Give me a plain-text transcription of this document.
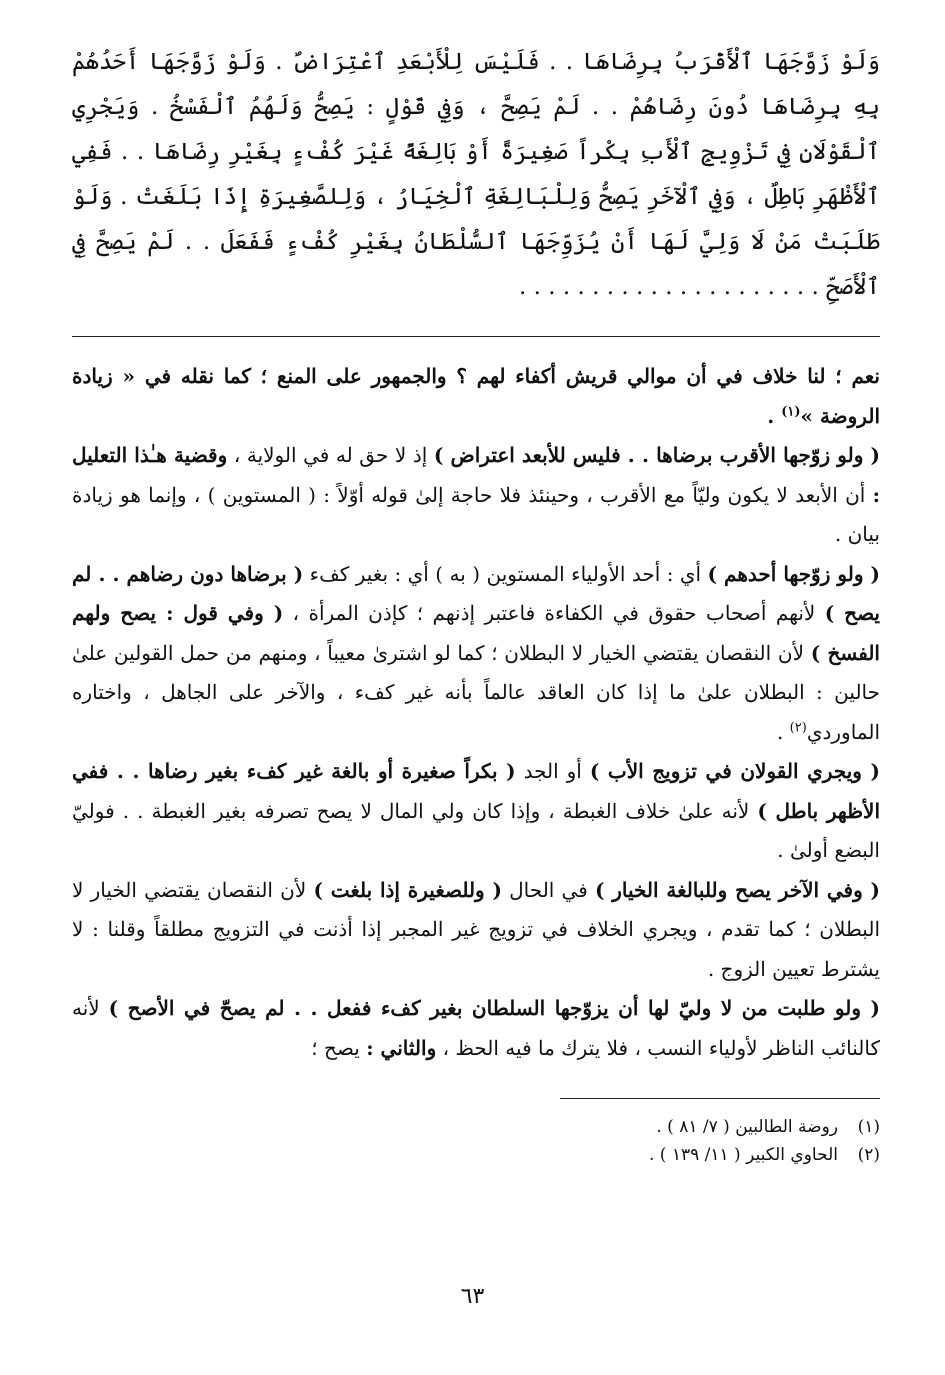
وَلَوْ زَوَّجَهَا ٱلْأَقْرَبُ بِرِضَاهَا . . فَلَيْسَ لِلْأَبْعَدِ ٱعْتِرَاضٌ . وَلَوْ زَوَّجَهَا أَحَدُهُمْ بِهِ بِرِضَاهَا دُونَ رِضَاهُمْ . . لَمْ يَصِحَّ ، وَفِي قَوْلٍ : يَصِحُّ وَلَهُمُ ٱلْفَسْخُ . وَيَجْرِي ٱلْقَوْلَانِ فِي تَزْوِيجِ ٱلْأَبِ بِكْراً صَغِيرَةً أَوْ بَالِغَةً غَيْرَ كُفْءٍ بِغَيْرِ رِضَاهَا . . فَفِي ٱلْأَظْهَرِ بَاطِلٌ ، وَفِي ٱلْآخَرِ يَصِحُّ وَلِلْبَالِغَةِ ٱلْخِيَارُ ، وَلِلصَّغِيرَةِ إِذَا بَلَغَتْ . وَلَوْ طَلَبَتْ مَنْ لَا وَلِيَّ لَهَا أَنْ يُزَوِّجَهَا ٱلسُّلْطَانُ بِغَيْرِ كُفْءٍ فَفَعَلَ . . لَمْ يَصِحَّ فِي ٱلْأَصَحِّ . . . . . . . . . . . . . . . . . . . . .

نعم ؛ لنا خلاف في أن موالي قريش أكفاء لهم ؟ والجمهور على المنع ؛ كما نقله في « زيادة الروضة »$^{(١)}$ .

( ولو زوّجها الأقرب برضاها . . فليس للأبعد اعتراض ) إذ لا حق له في الولاية ، وقضية هـٰذا التعليل : أن الأبعد لا يكون وليّاً مع الأقرب ، وحينئذ فلا حاجة إلىٰ قوله أوّلاً : ( المستوين ) ، وإنما هو زيادة بيان .

( ولو زوّجها أحدهم ) أي : أحد الأولياء المستوين ( به ) أي : بغير كفء ( برضاها دون رضاهم . . لم يصح ) لأنهم أصحاب حقوق في الكفاءة فاعتبر إذنهم ؛ كإذن المرأة ، ( وفي قول : يصح ولهم الفسخ ) لأن النقصان يقتضي الخيار لا البطلان ؛ كما لو اشترىٰ معيباً ، ومنهم من حمل القولين علىٰ حالين : البطلان علىٰ ما إذا كان العاقد عالماً بأنه غير كفء ، والآخر على الجاهل ، واختاره الماوردي$^{(٢)}$ .

( ويجري القولان في تزويج الأب ) أو الجد ( بكراً صغيرة أو بالغة غير كفء بغير رضاها . . ففي الأظهر باطل ) لأنه علىٰ خلاف الغبطة ، وإذا كان ولي المال لا يصح تصرفه بغير الغبطة . . فوليّ البضع أولىٰ .

( وفي الآخر يصح وللبالغة الخيار ) في الحال ( وللصغيرة إذا بلغت ) لأن النقصان يقتضي الخيار لا البطلان ؛ كما تقدم ، ويجري الخلاف في تزويج غير المجبر إذا أذنت في التزويج مطلقاً وقلنا : لا يشترط تعيين الزوج .

( ولو طلبت من لا وليّ لها أن يزوّجها السلطان بغير كفء ففعل . . لم يصحّ في الأصح ) لأنه كالنائب الناظر لأولياء النسب ، فلا يترك ما فيه الحظ ، والثاني : يصح ؛

(١)روضة الطالبين ( ٧/ ٨١ ) .

(٢)الحاوي الكبير ( ١١/ ١٣٩ ) .

٦٣
